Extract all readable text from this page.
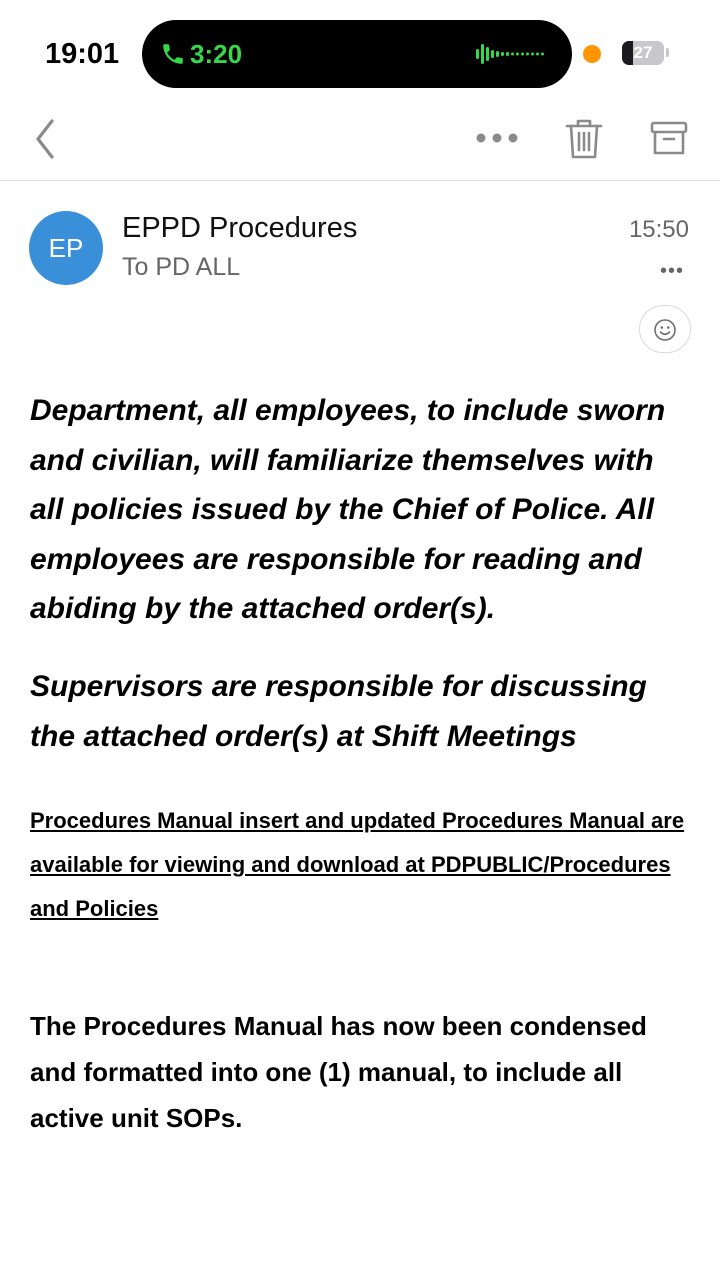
19:01	3:20	27
EP
EPPD Procedures
To PD ALL
15:50
•••

Department, all employees, to include sworn and civilian, will familiarize themselves with all policies issued by the Chief of Police. All employees are responsible for reading and abiding by the attached order(s).

Supervisors are responsible for discussing the attached order(s) at Shift Meetings

Procedures Manual insert and updated Procedures Manual are available for viewing and download at PDPUBLIC/Procedures and Policies

The Procedures Manual has now been condensed and formatted into one (1) manual, to include all active unit SOPs.
